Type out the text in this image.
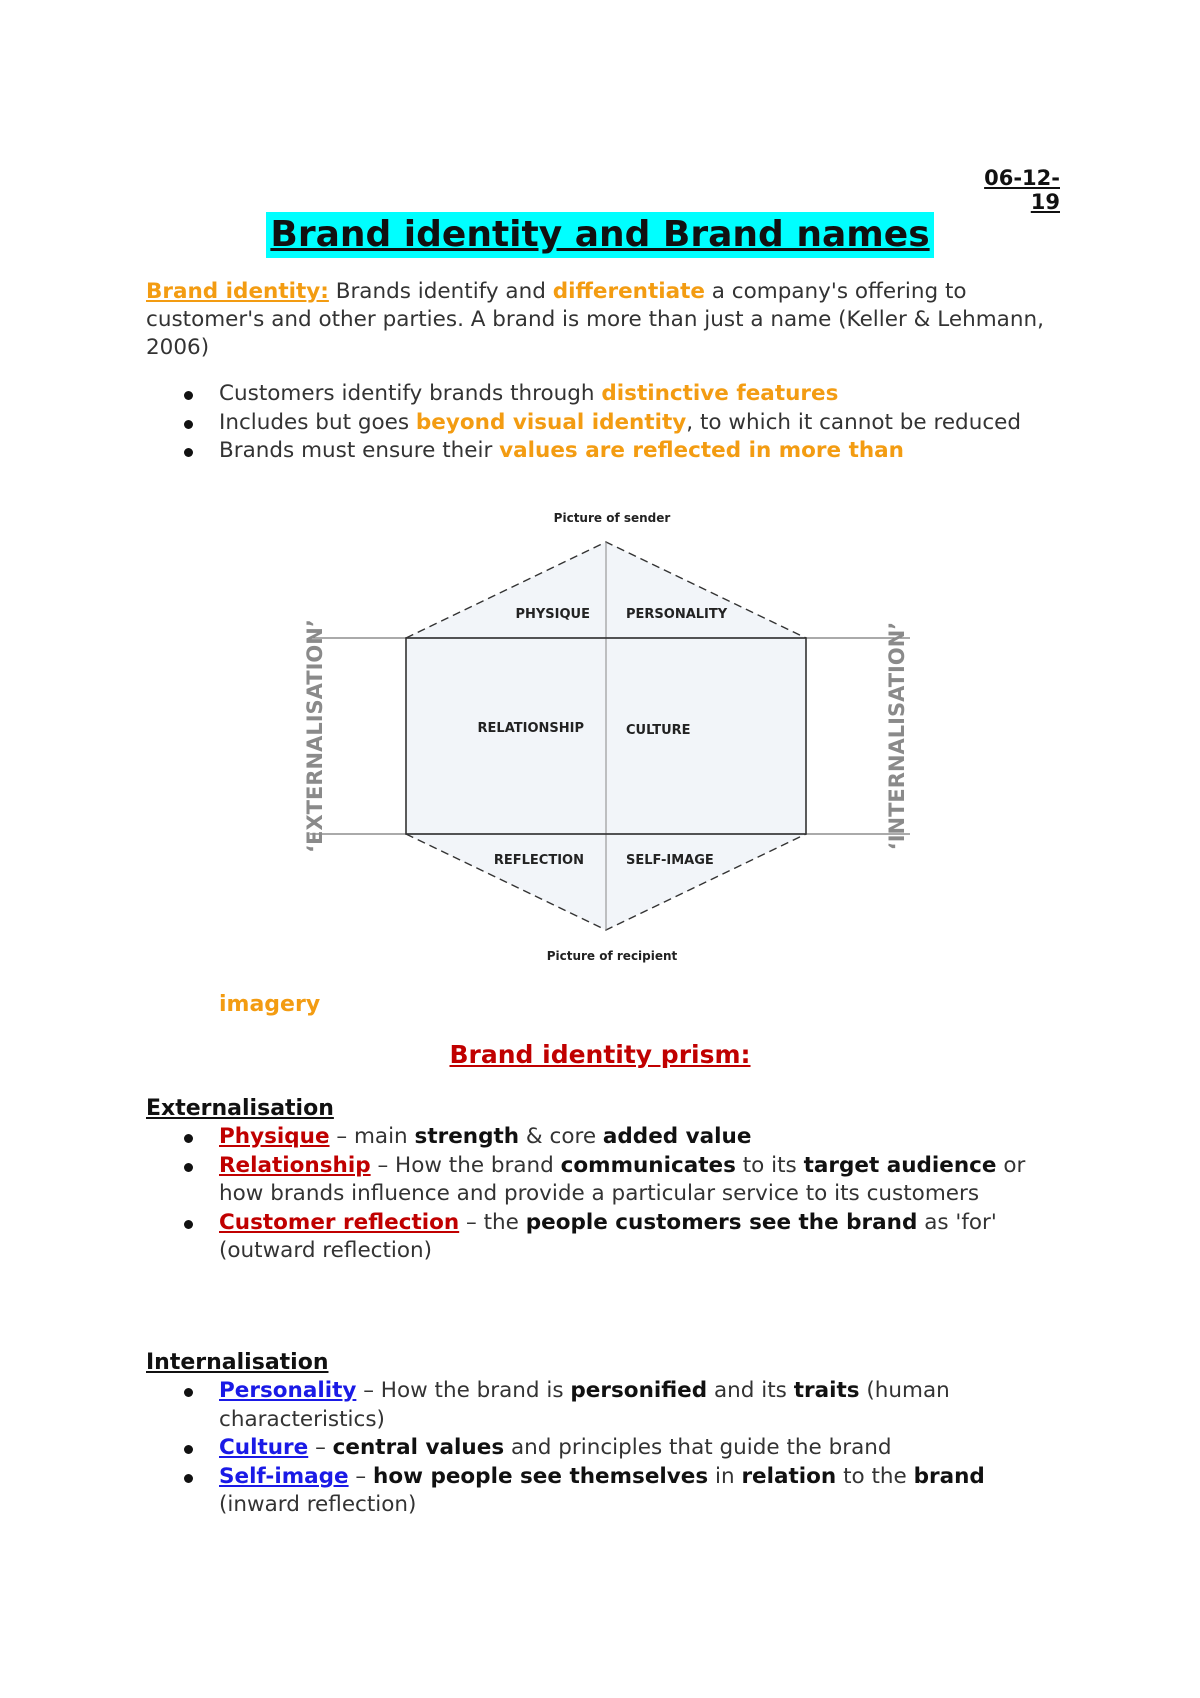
06-12-19
Brand identity and Brand names
Brand identity: Brands identify and differentiate a company's offering to customer's and other parties. A brand is more than just a name (Keller & Lehmann, 2006)
Customers identify brands through distinctive features
Includes but goes beyond visual identity, to which it cannot be reduced
Brands must ensure their values are reflected in more than
Picture of sender
Picture of recipient
PHYSIQUE	PERSONALITY
RELATIONSHIP	CULTURE
REFLECTION	SELF-IMAGE
‘EXTERNALISATION’	‘INTERNALISATION’
imagery
Brand identity prism:
Externalisation
Physique – main strength & core added value
Relationship – How the brand communicates to its target audience or how brands influence and provide a particular service to its customers
Customer reflection – the people customers see the brand as 'for' (outward reflection)
Internalisation
Personality – How the brand is personified and its traits (human characteristics)
Culture – central values and principles that guide the brand
Self-image – how people see themselves in relation to the brand (inward reflection)
